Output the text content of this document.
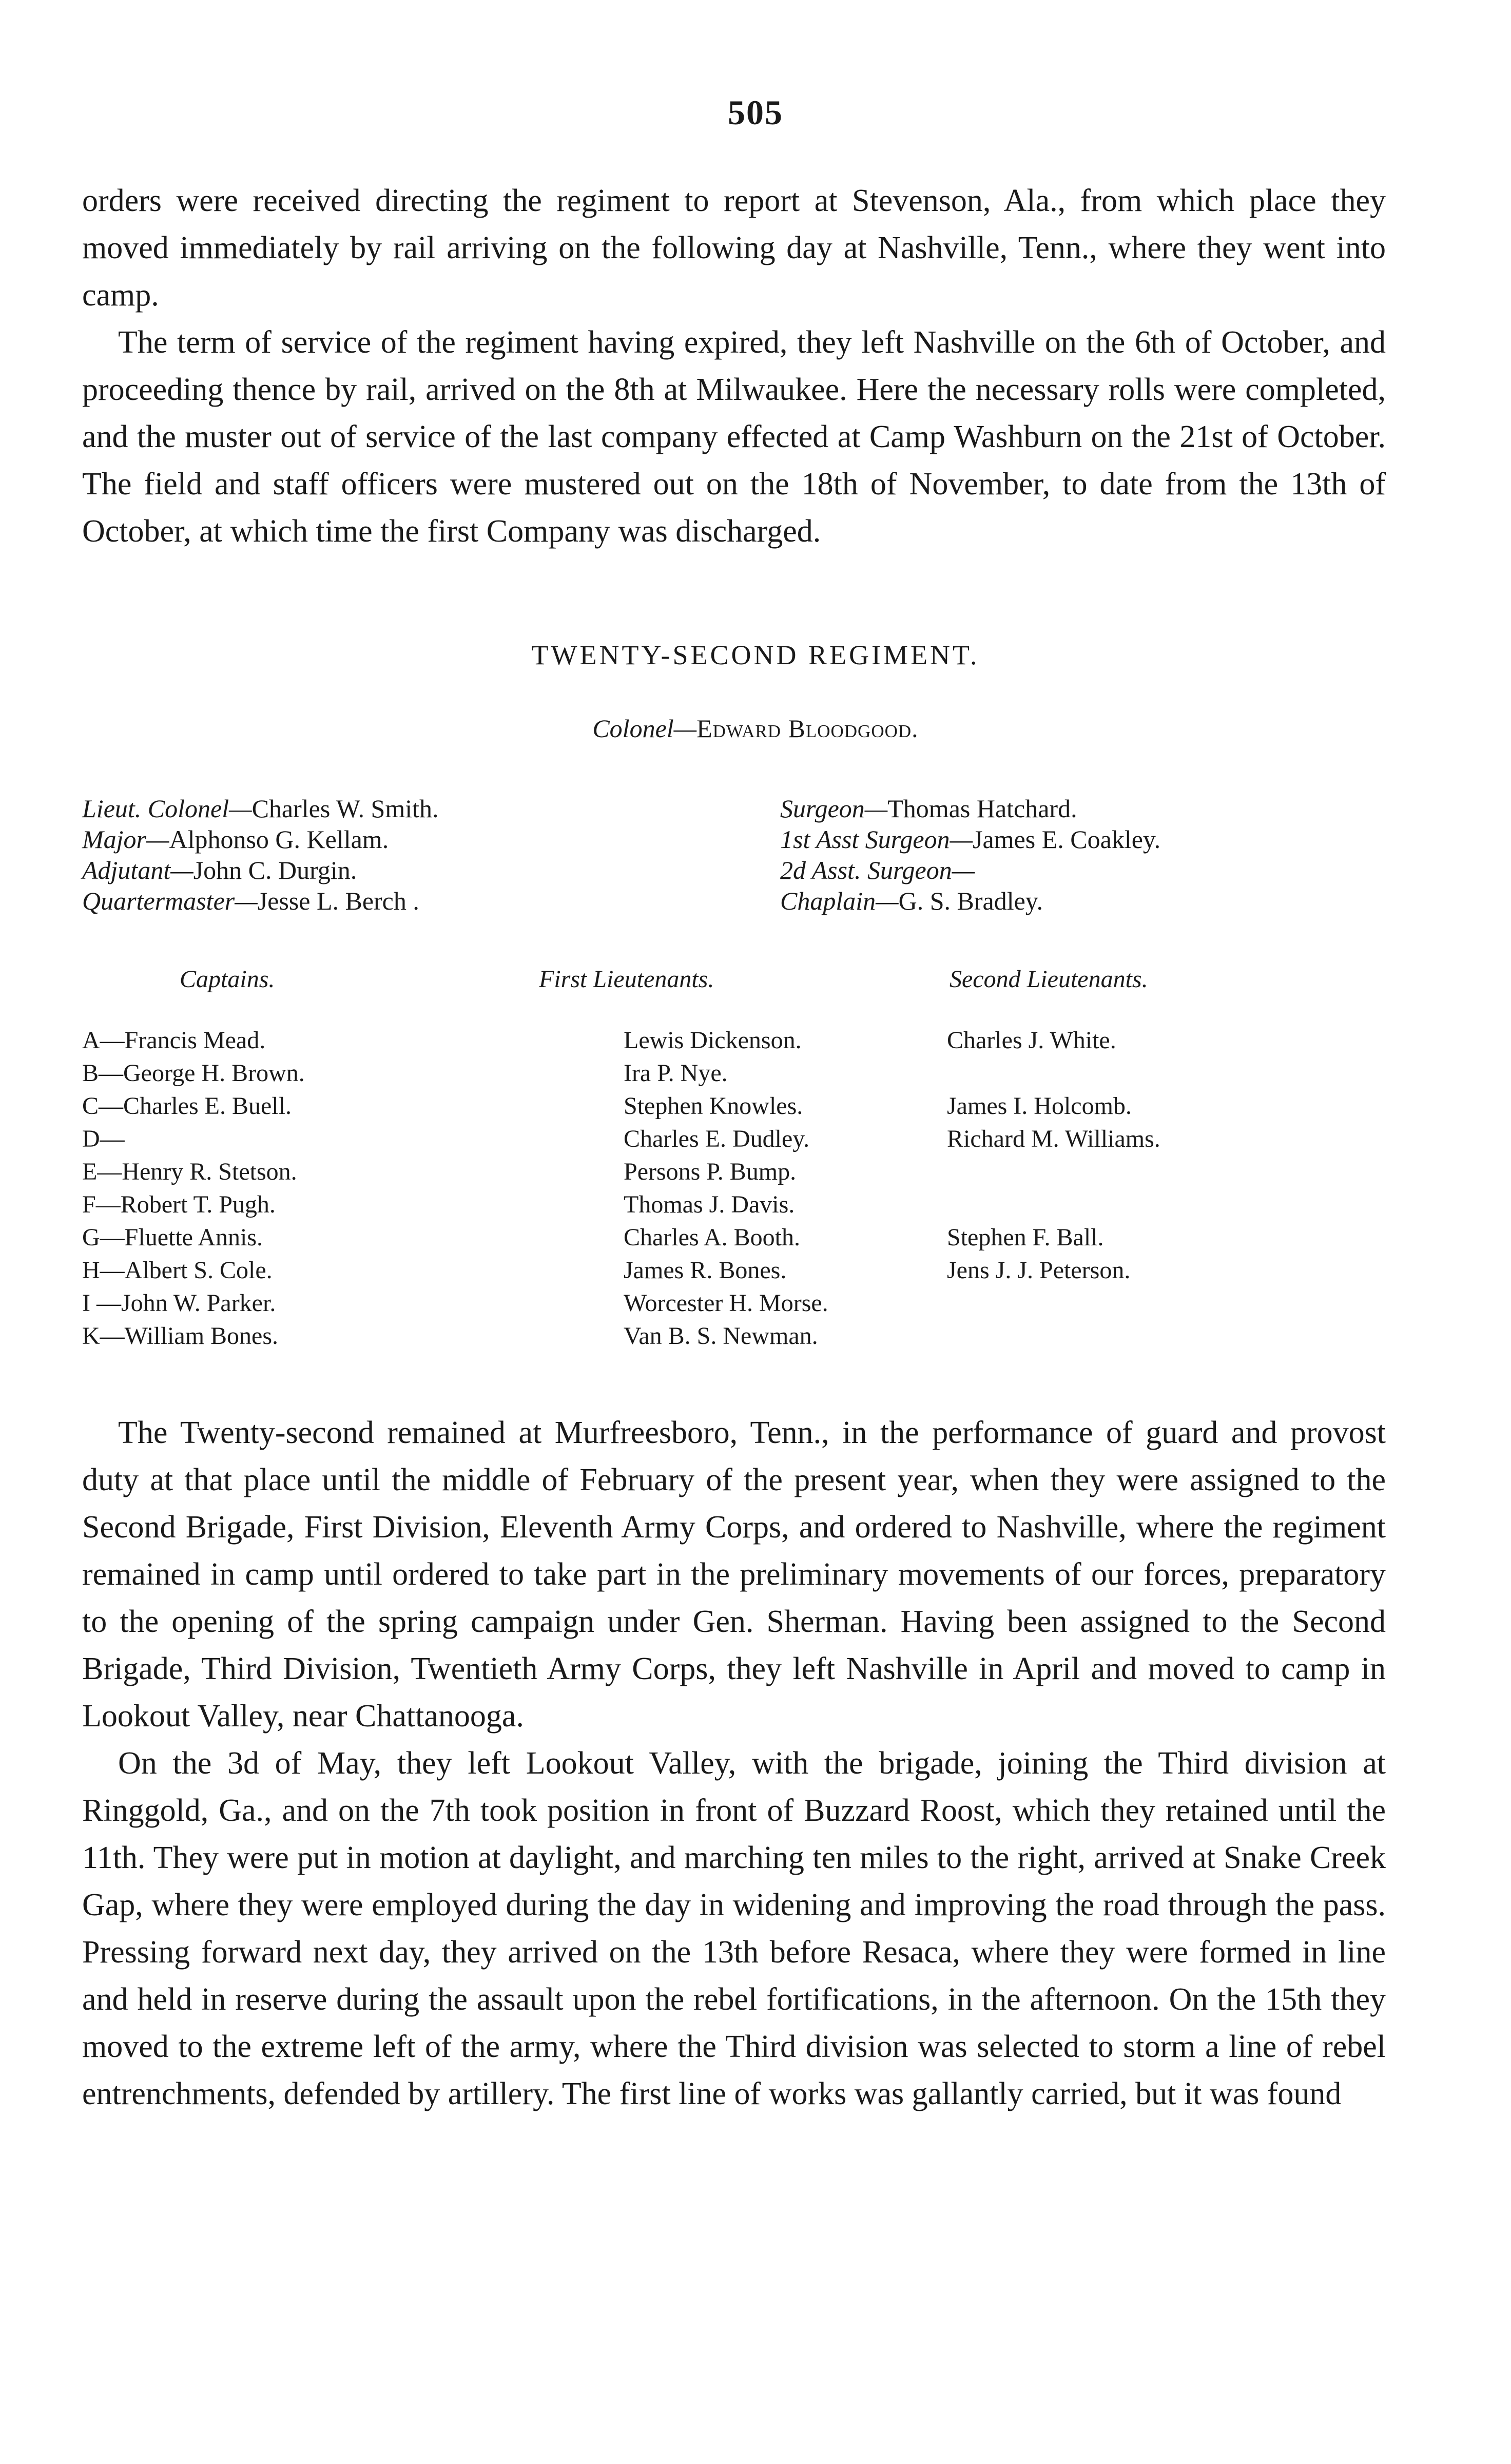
505

orders were received directing the regiment to report at Stevenson, Ala., from which place they moved immediately by rail arriving on the following day at Nashville, Tenn., where they went into camp.

The term of service of the regiment having expired, they left Nashville on the 6th of October, and proceeding thence by rail, arrived on the 8th at Milwaukee. Here the necessary rolls were completed, and the muster out of service of the last company effected at Camp Washburn on the 21st of October. The field and staff officers were mustered out on the 18th of November, to date from the 13th of October, at which time the first Company was discharged.

TWENTY-SECOND REGIMENT.
Colonel—Edward Bloodgood.
Lieut. Colonel—Charles W. Smith.
Major—Alphonso G. Kellam.
Adjutant—John C. Durgin.
Quartermaster—Jesse L. Berch .
Surgeon—Thomas Hatchard.
1st Asst Surgeon—James E. Coakley.
2d Asst. Surgeon—
Chaplain—G. S. Bradley.
Captains.	First Lieutenants.	Second Lieutenants.
A—Francis Mead.	Lewis Dickenson.	Charles J. White.
B—George H. Brown.	Ira P. Nye.
C—Charles E. Buell.	Stephen Knowles.	James I. Holcomb.
D—	Charles E. Dudley.	Richard M. Williams.
E—Henry R. Stetson.	Persons P. Bump.
F—Robert T. Pugh.	Thomas J. Davis.
G—Fluette Annis.	Charles A. Booth.	Stephen F. Ball.
H—Albert S. Cole.	James R. Bones.	Jens J. J. Peterson.
I —John W. Parker.	Worcester H. Morse.
K—William Bones.	Van B. S. Newman.

The Twenty-second remained at Murfreesboro, Tenn., in the performance of guard and provost duty at that place until the middle of February of the present year, when they were assigned to the Second Brigade, First Division, Eleventh Army Corps, and ordered to Nashville, where the regiment remained in camp until ordered to take part in the preliminary movements of our forces, preparatory to the opening of the spring campaign under Gen. Sherman. Having been assigned to the Second Brigade, Third Division, Twentieth Army Corps, they left Nashville in April and moved to camp in Lookout Valley, near Chattanooga.

On the 3d of May, they left Lookout Valley, with the brigade, joining the Third division at Ringgold, Ga., and on the 7th took position in front of Buzzard Roost, which they retained until the 11th. They were put in motion at daylight, and marching ten miles to the right, arrived at Snake Creek Gap, where they were employed during the day in widening and improving the road through the pass. Pressing forward next day, they arrived on the 13th before Resaca, where they were formed in line and held in reserve during the assault upon the rebel fortifications, in the afternoon. On the 15th they moved to the extreme left of the army, where the Third division was selected to storm a line of rebel entrenchments, defended by artillery. The first line of works was gallantly carried, but it was found
